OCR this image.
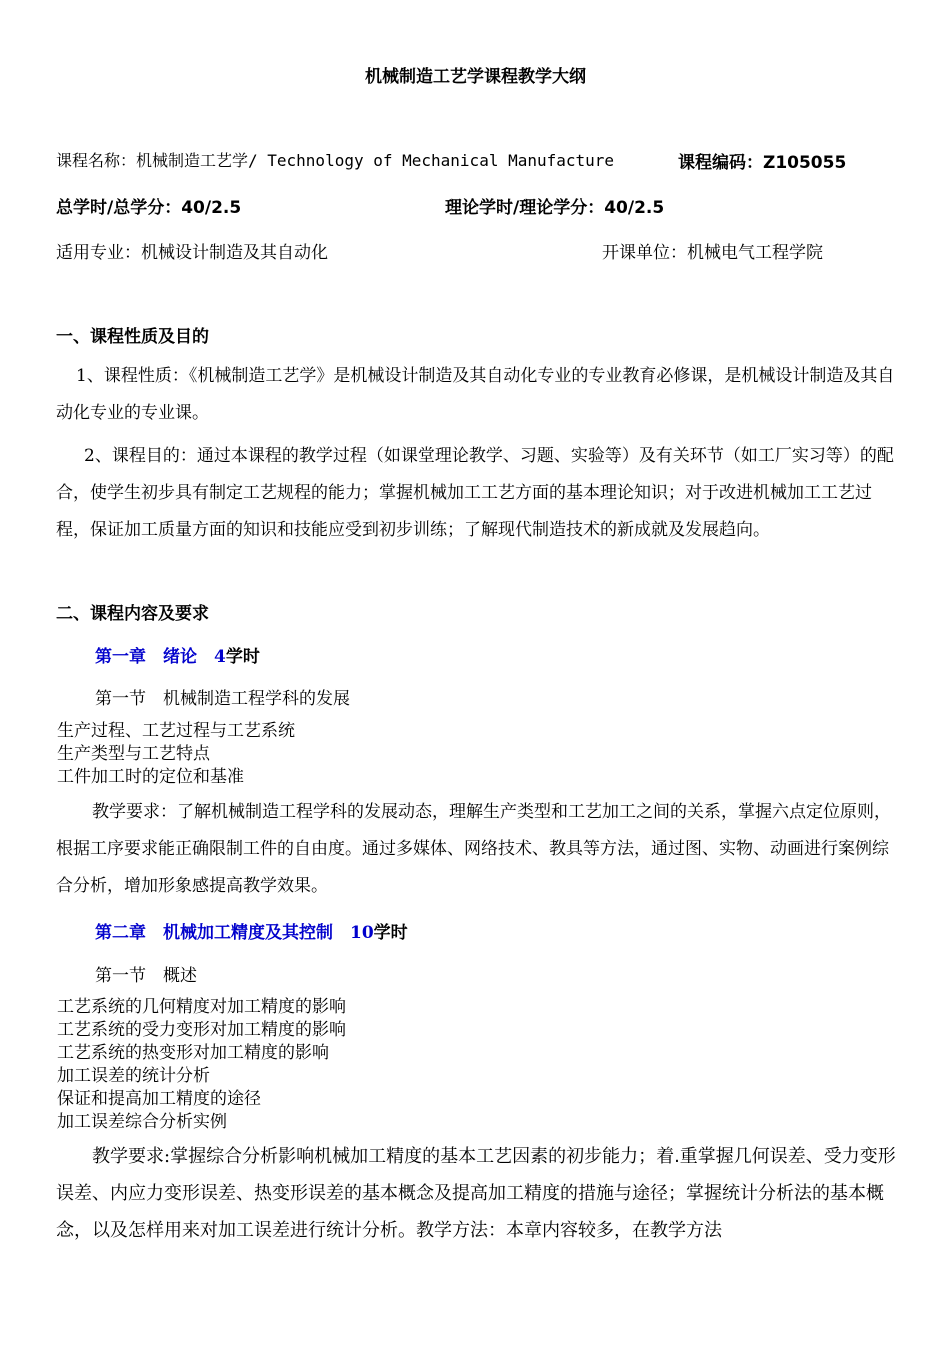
机械制造工艺学课程教学大纲
课程名称：机械制造工艺学/ Technology of Mechanical Manufacture	课程编码：Z105055
总学时/总学分：40/2.5	理论学时/理论学分：40/2.5
适用专业：机械设计制造及其自动化	开课单位：机械电气工程学院
一、课程性质及目的
1、课程性质：《机械制造工艺学》是机械设计制造及其自动化专业的专业教育必修课，是机械设计制造及其自动化专业的专业课。
2、课程目的：通过本课程的教学过程（如课堂理论教学、习题、实验等）及有关环节（如工厂实习等）的配合，使学生初步具有制定工艺规程的能力；掌握机械加工工艺方面的基本理论知识；对于改进机械加工工艺过程，保证加工质量方面的知识和技能应受到初步训练；了解现代制造技术的新成就及发展趋向。
二、课程内容及要求
第一章　绪论　4学时
第一节　机械制造工程学科的发展
生产过程、工艺过程与工艺系统
生产类型与工艺特点
工件加工时的定位和基准
教学要求：了解机械制造工程学科的发展动态，理解生产类型和工艺加工之间的关系，掌握六点定位原则，根据工序要求能正确限制工件的自由度。通过多媒体、网络技术、教具等方法，通过图、实物、动画进行案例综合分析，增加形象感提高教学效果。
第二章　机械加工精度及其控制　10学时
第一节　概述
工艺系统的几何精度对加工精度的影响
工艺系统的受力变形对加工精度的影响
工艺系统的热变形对加工精度的影响
加工误差的统计分析
保证和提高加工精度的途径
加工误差综合分析实例
教学要求:掌握综合分析影响机械加工精度的基本工艺因素的初步能力；着.重掌握几何误差、受力变形误差、内应力变形误差、热变形误差的基本概念及提高加工精度的措施与途径；掌握统计分析法的基本概念，以及怎样用来对加工误差进行统计分析。教学方法：本章内容较多，在教学方法
